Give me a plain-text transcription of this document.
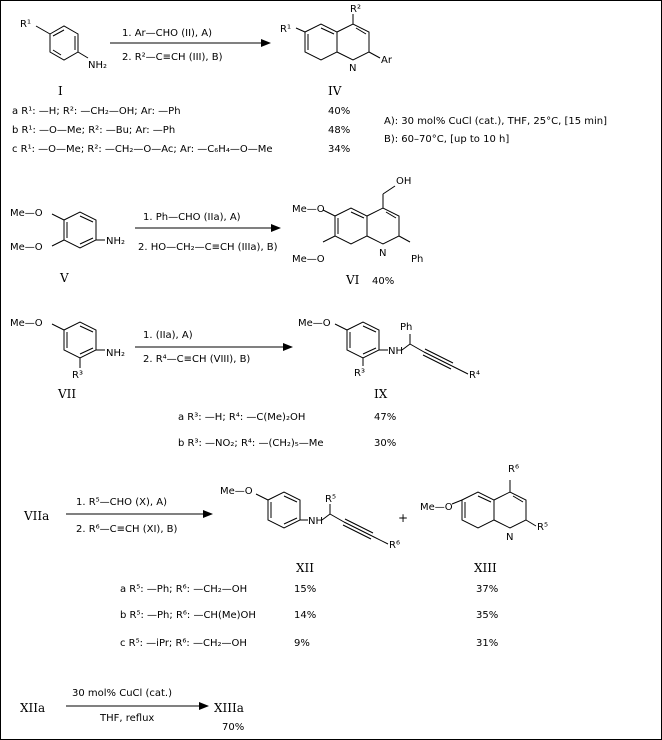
R¹
NH₂
I
1. Ar—CHO (II), A)
2. R²—C≡CH (III), B)
R²
R¹
N
Ar
IV
a R¹: —H; R²: —CH₂—OH; Ar: —Ph	40%
b R¹: —O—Me; R²: —Bu; Ar: —Ph	48%
c R¹: —O—Me; R²: —CH₂—O—Ac; Ar: —C₆H₄—O—Me	34%
A): 30 mol% CuCl (cat.), THF, 25°C, [15 min]
B): 60–70°C, [up to 10 h]
Me—O
Me—O
NH₂
V
1. Ph—CHO (IIa), A)
2. HO—CH₂—C≡CH (IIIa), B)
OH
Me—O
Me—O
N
Ph
VI 40%
Me—O
NH₂
R³
VII
1. (IIa), A)
2. R⁴—C≡CH (VIII), B)
Me—O
NH
Ph
R³	R⁴
IX
a R³: —H; R⁴: —C(Me)₂OH	47%
b R³: —NO₂; R⁴: —(CH₂)₅—Me	30%
VIIa
1. R⁵—CHO (X), A)
2. R⁶—C≡CH (XI), B)
Me—O
NH
R⁵
R⁶
XII
+
R⁶
Me—O
N
R⁵
XIII
a R⁵: —Ph; R⁶: —CH₂—OH	15%	37%
b R⁵: —Ph; R⁶: —CH(Me)OH	14%	35%
c R⁵: —iPr; R⁶: —CH₂—OH	9%	31%
XIIa
30 mol% CuCl (cat.)
THF, reflux
XIIIa
70%
